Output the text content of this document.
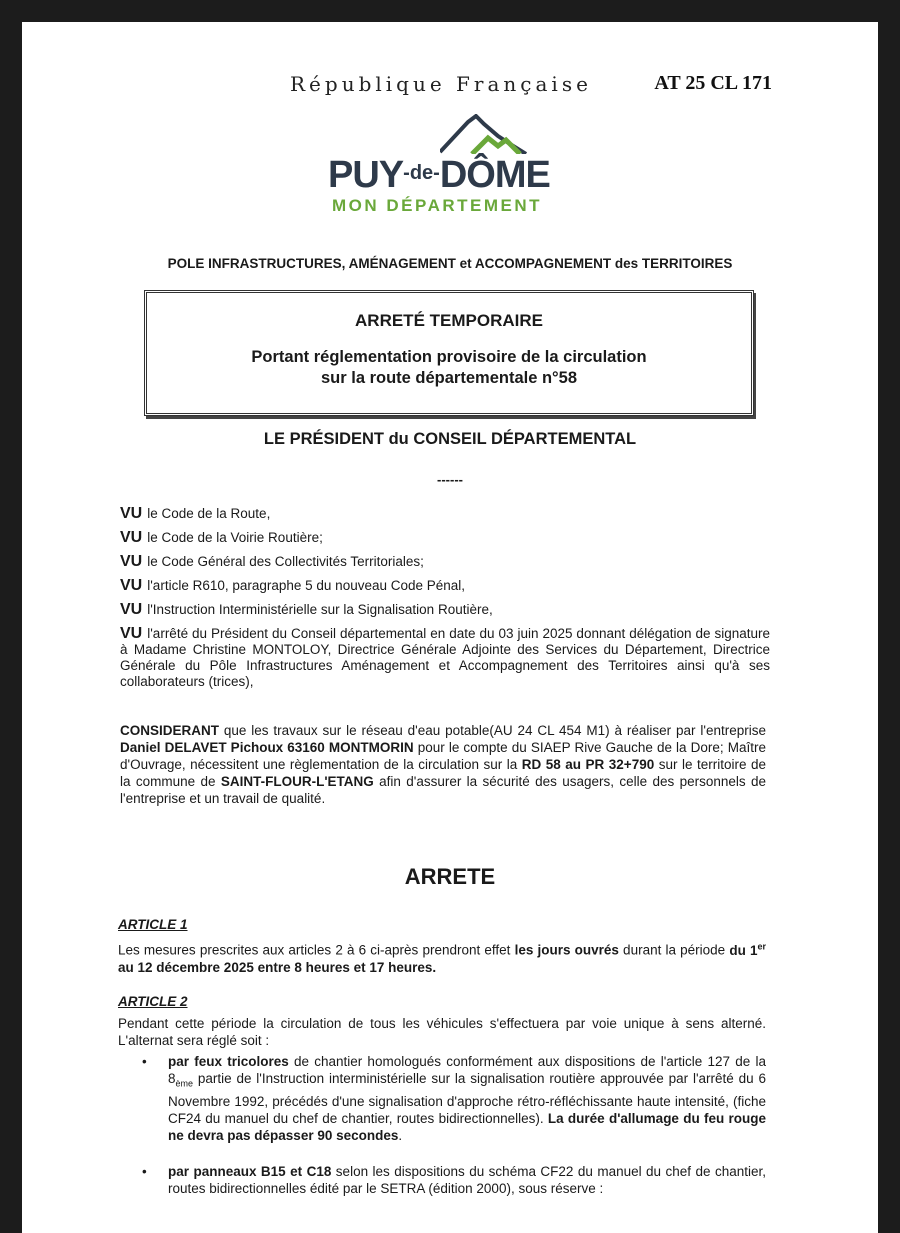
République Française	AT 25 CL 171
$PUY^{-de-}DÔME$
MON DÉPARTEMENT
POLE INFRASTRUCTURES, AMÉNAGEMENT et ACCOMPAGNEMENT des TERRITOIRES
ARRETÉ TEMPORAIRE
Portant réglementation provisoire de la circulation
sur la route départementale n°58
LE PRÉSIDENT du CONSEIL DÉPARTEMENTAL
------
VU le Code de la Route,
VU le Code de la Voirie Routière;
VU le Code Général des Collectivités Territoriales;
VU l'article R610, paragraphe 5 du nouveau Code Pénal,
VU l'Instruction Interministérielle sur la Signalisation Routière,
VU l'arrêté du Président du Conseil départemental en date du 03 juin 2025 donnant délégation de signature à Madame Christine MONTOLOY, Directrice Générale Adjointe des Services du Département, Directrice Générale du Pôle Infrastructures Aménagement et Accompagnement des Territoires ainsi qu'à ses collaborateurs (trices),
CONSIDERANT que les travaux sur le réseau d'eau potable(AU 24 CL 454 M1) à réaliser par l'entreprise Daniel DELAVET Pichoux 63160 MONTMORIN pour le compte du SIAEP Rive Gauche de la Dore; Maître d'Ouvrage, nécessitent une règlementation de la circulation sur la RD 58 au PR 32+790 sur le territoire de la commune de SAINT-FLOUR-L'ETANG afin d'assurer la sécurité des usagers, celle des personnels de l'entreprise et un travail de qualité.
ARRETE
ARTICLE 1
Les mesures prescrites aux articles 2 à 6 ci-après prendront effet les jours ouvrés durant la période du 1er au 12 décembre 2025 entre 8 heures et 17 heures.
ARTICLE 2
Pendant cette période la circulation de tous les véhicules s'effectuera par voie unique à sens alterné. L'alternat sera réglé soit :
• par feux tricolores de chantier homologués conformément aux dispositions de l'article 127 de la $8_{ème}$ partie de l'Instruction interministérielle sur la signalisation routière approuvée par l'arrêté du 6 Novembre 1992, précédés d'une signalisation d'approche rétro-réfléchissante haute intensité, (fiche CF24 du manuel du chef de chantier, routes bidirectionnelles). La durée d'allumage du feu rouge ne devra pas dépasser 90 secondes.
• par panneaux B15 et C18 selon les dispositions du schéma CF22 du manuel du chef de chantier, routes bidirectionnelles édité par le SETRA (édition 2000), sous réserve :
